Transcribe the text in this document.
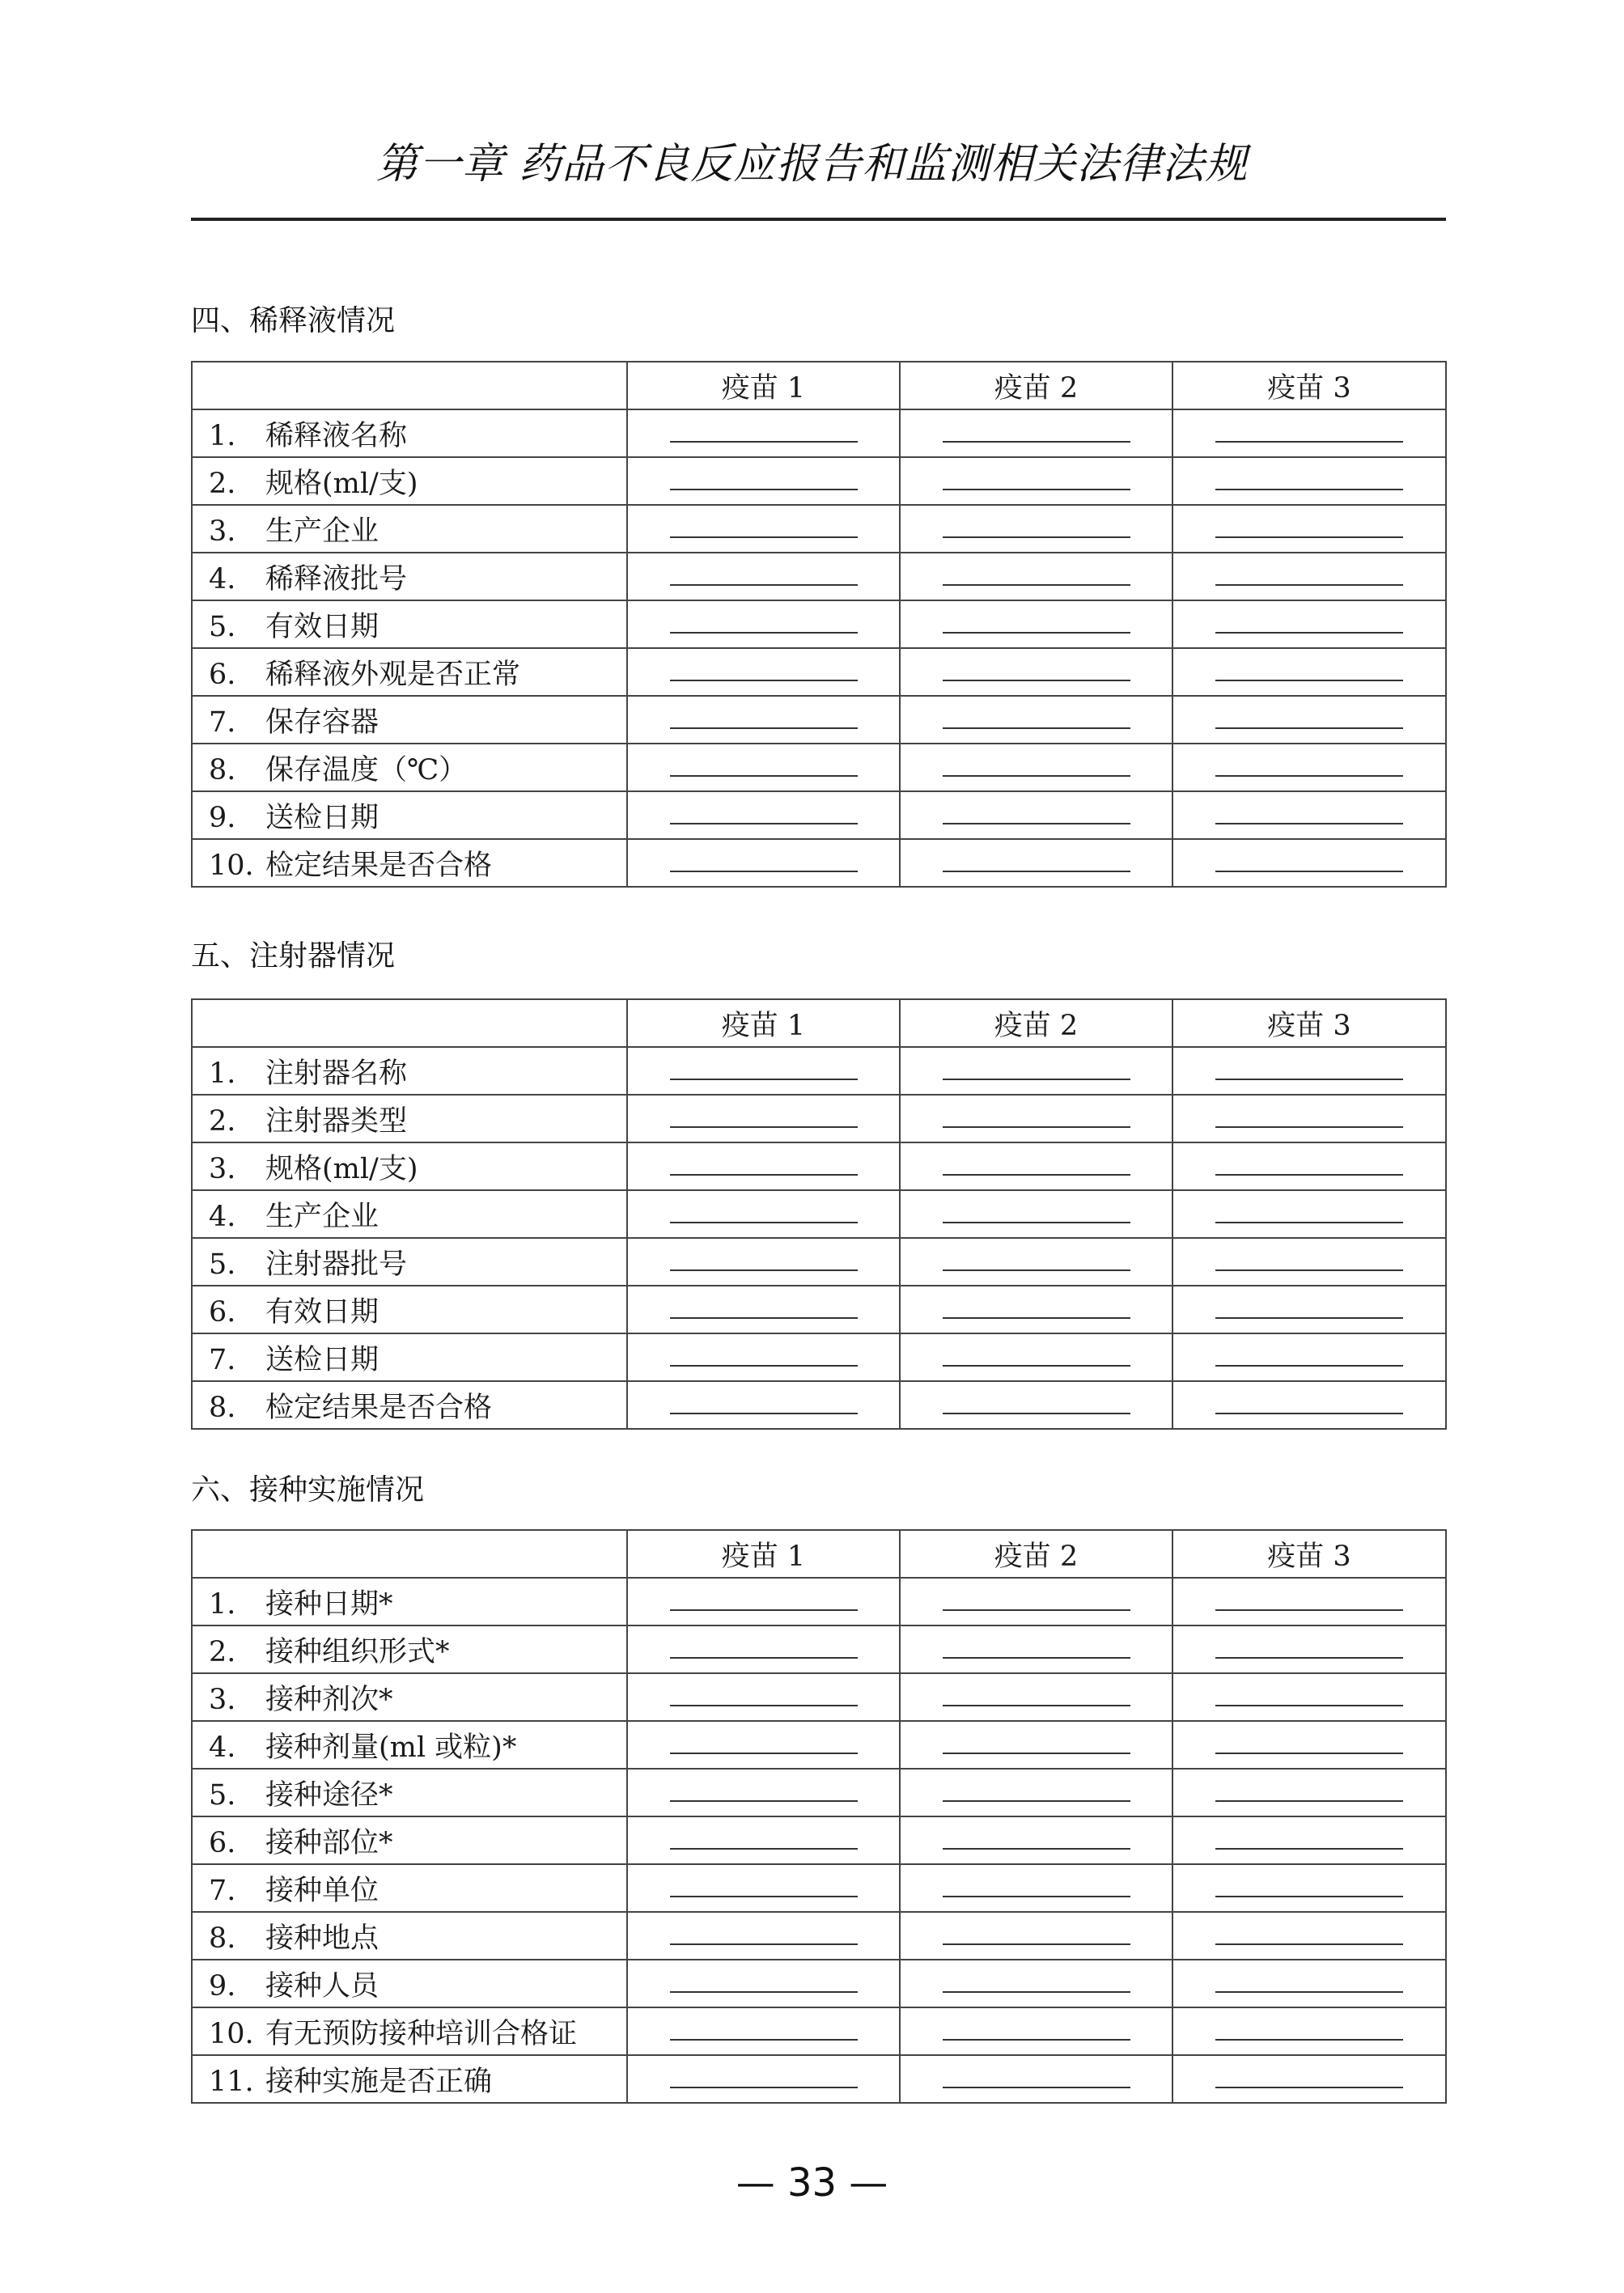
第一章 药品不良反应报告和监测相关法律法规
四、稀释液情况
	疫苗 1	疫苗 2	疫苗 3
1. 稀释液名称			
2. 规格(ml/支)			
3. 生产企业			
4. 稀释液批号			
5. 有效日期			
6. 稀释液外观是否正常			
7. 保存容器			
8. 保存温度（℃）			
9. 送检日期			
10. 检定结果是否合格			
五、注射器情况
	疫苗 1	疫苗 2	疫苗 3
1. 注射器名称			
2. 注射器类型			
3. 规格(ml/支)			
4. 生产企业			
5. 注射器批号			
6. 有效日期			
7. 送检日期			
8. 检定结果是否合格			
六、接种实施情况
	疫苗 1	疫苗 2	疫苗 3
1. 接种日期*			
2. 接种组织形式*			
3. 接种剂次*			
4. 接种剂量(ml 或粒)*			
5. 接种途径*			
6. 接种部位*			
7. 接种单位			
8. 接种地点			
9. 接种人员			
10. 有无预防接种培训合格证			
11. 接种实施是否正确			
— 33 —
